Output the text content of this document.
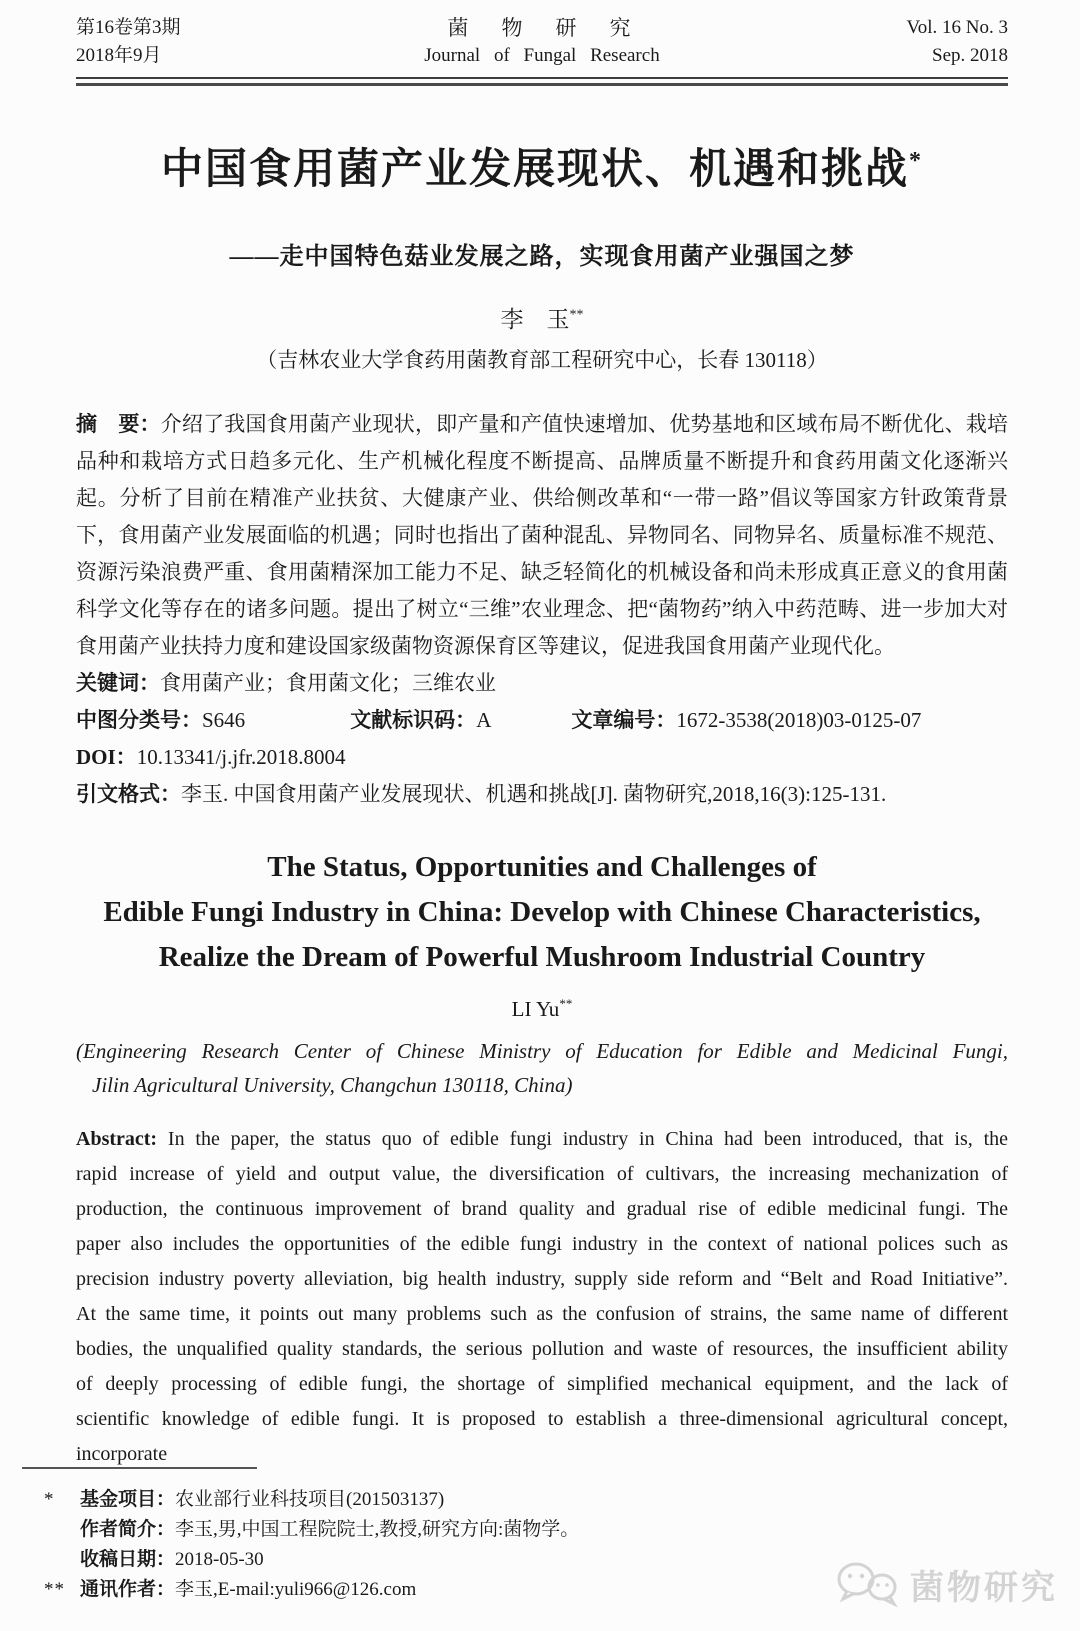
第16卷第3期
2018年9月
菌　物　研　究
Journal of Fungal Research
Vol. 16 No. 3
Sep. 2018
中国食用菌产业发展现状、机遇和挑战*
——走中国特色菇业发展之路，实现食用菌产业强国之梦
李　玉**
（吉林农业大学食药用菌教育部工程研究中心，长春 130118）
摘　要：介绍了我国食用菌产业现状，即产量和产值快速增加、优势基地和区域布局不断优化、栽培品种和栽培方式日趋多元化、生产机械化程度不断提高、品牌质量不断提升和食药用菌文化逐渐兴起。分析了目前在精准产业扶贫、大健康产业、供给侧改革和“一带一路”倡议等国家方针政策背景下，食用菌产业发展面临的机遇；同时也指出了菌种混乱、异物同名、同物异名、质量标准不规范、资源污染浪费严重、食用菌精深加工能力不足、缺乏轻简化的机械设备和尚未形成真正意义的食用菌科学文化等存在的诸多问题。提出了树立“三维”农业理念、把“菌物药”纳入中药范畴、进一步加大对食用菌产业扶持力度和建设国家级菌物资源保育区等建议，促进我国食用菌产业现代化。
关键词：食用菌产业；食用菌文化；三维农业
中图分类号：S646	文献标识码：A	文章编号：1672-3538(2018)03-0125-07
DOI：10.13341/j.jfr.2018.8004
引文格式：李玉. 中国食用菌产业发展现状、机遇和挑战[J]. 菌物研究,2018,16(3):125-131.
The Status, Opportunities and Challenges of
Edible Fungi Industry in China: Develop with Chinese Characteristics,
Realize the Dream of Powerful Mushroom Industrial Country
LI Yu**
(Engineering Research Center of Chinese Ministry of Education for Edible and Medicinal Fungi,
Jilin Agricultural University, Changchun 130118, China)
Abstract: In the paper, the status quo of edible fungi industry in China had been introduced, that is, the rapid increase of yield and output value, the diversification of cultivars, the increasing mechanization of production, the continuous improvement of brand quality and gradual rise of edible medicinal fungi. The paper also includes the opportunities of the edible fungi industry in the context of national polices such as precision industry poverty alleviation, big health industry, supply side reform and “Belt and Road Initiative”. At the same time, it points out many problems such as the confusion of strains, the same name of different bodies, the unqualified quality standards, the serious pollution and waste of resources, the insufficient ability of deeply processing of edible fungi, the shortage of simplified mechanical equipment, and the lack of scientific knowledge of edible fungi. It is proposed to establish a three-dimensional agricultural concept, incorporate
*	基金项目：农业部行业科技项目(201503137)
作者简介：李玉,男,中国工程院院士,教授,研究方向:菌物学。
收稿日期：2018-05-30
** 通讯作者：李玉,E-mail:yuli966@126.com	菌物研究
